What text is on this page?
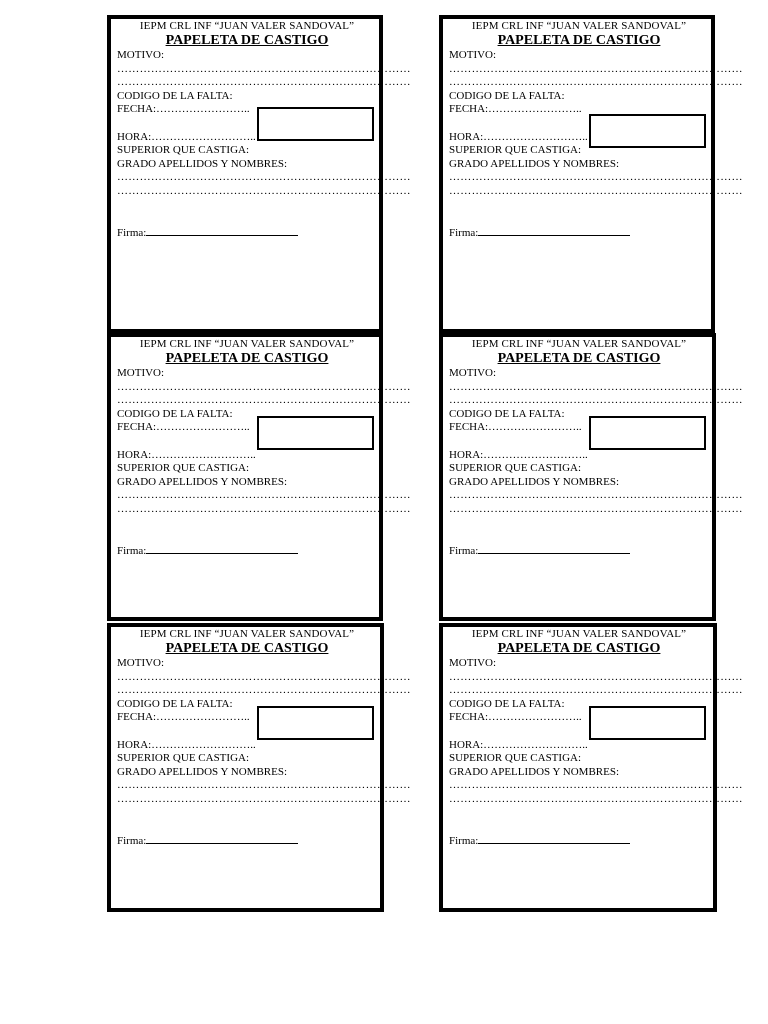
IEPM CRL INF “JUAN VALER SANDOVAL”
PAPELETA DE CASTIGO
MOTIVO:
……………………………………………………………………
……………………………………………………………………
CODIGO DE LA FALTA:
FECHA:……………………..
HORA:………………………..
SUPERIOR QUE CASTIGA:
GRADO APELLIDOS Y NOMBRES:
……………………………………………………………………
……………………………………………………………………
Firma:
IEPM CRL INF “JUAN VALER SANDOVAL”
PAPELETA DE CASTIGO
MOTIVO:
……………………………………………………………………
……………………………………………………………………
CODIGO DE LA FALTA:
FECHA:……………………..
HORA:………………………..
SUPERIOR QUE CASTIGA:
GRADO APELLIDOS Y NOMBRES:
……………………………………………………………………
……………………………………………………………………
Firma:
IEPM CRL INF “JUAN VALER SANDOVAL”
PAPELETA DE CASTIGO
MOTIVO:
……………………………………………………………………
……………………………………………………………………
CODIGO DE LA FALTA:
FECHA:……………………..
HORA:………………………..
SUPERIOR QUE CASTIGA:
GRADO APELLIDOS Y NOMBRES:
……………………………………………………………………
……………………………………………………………………
Firma:
IEPM CRL INF “JUAN VALER SANDOVAL”
PAPELETA DE CASTIGO
MOTIVO:
……………………………………………………………………
……………………………………………………………………
CODIGO DE LA FALTA:
FECHA:……………………..
HORA:………………………..
SUPERIOR QUE CASTIGA:
GRADO APELLIDOS Y NOMBRES:
……………………………………………………………………
……………………………………………………………………
Firma:
IEPM CRL INF “JUAN VALER SANDOVAL”
PAPELETA DE CASTIGO
MOTIVO:
……………………………………………………………………
……………………………………………………………………
CODIGO DE LA FALTA:
FECHA:……………………..
HORA:………………………..
SUPERIOR QUE CASTIGA:
GRADO APELLIDOS Y NOMBRES:
……………………………………………………………………
……………………………………………………………………
Firma:
IEPM CRL INF “JUAN VALER SANDOVAL”
PAPELETA DE CASTIGO
MOTIVO:
……………………………………………………………………
……………………………………………………………………
CODIGO DE LA FALTA:
FECHA:……………………..
HORA:………………………..
SUPERIOR QUE CASTIGA:
GRADO APELLIDOS Y NOMBRES:
……………………………………………………………………
……………………………………………………………………
Firma:
